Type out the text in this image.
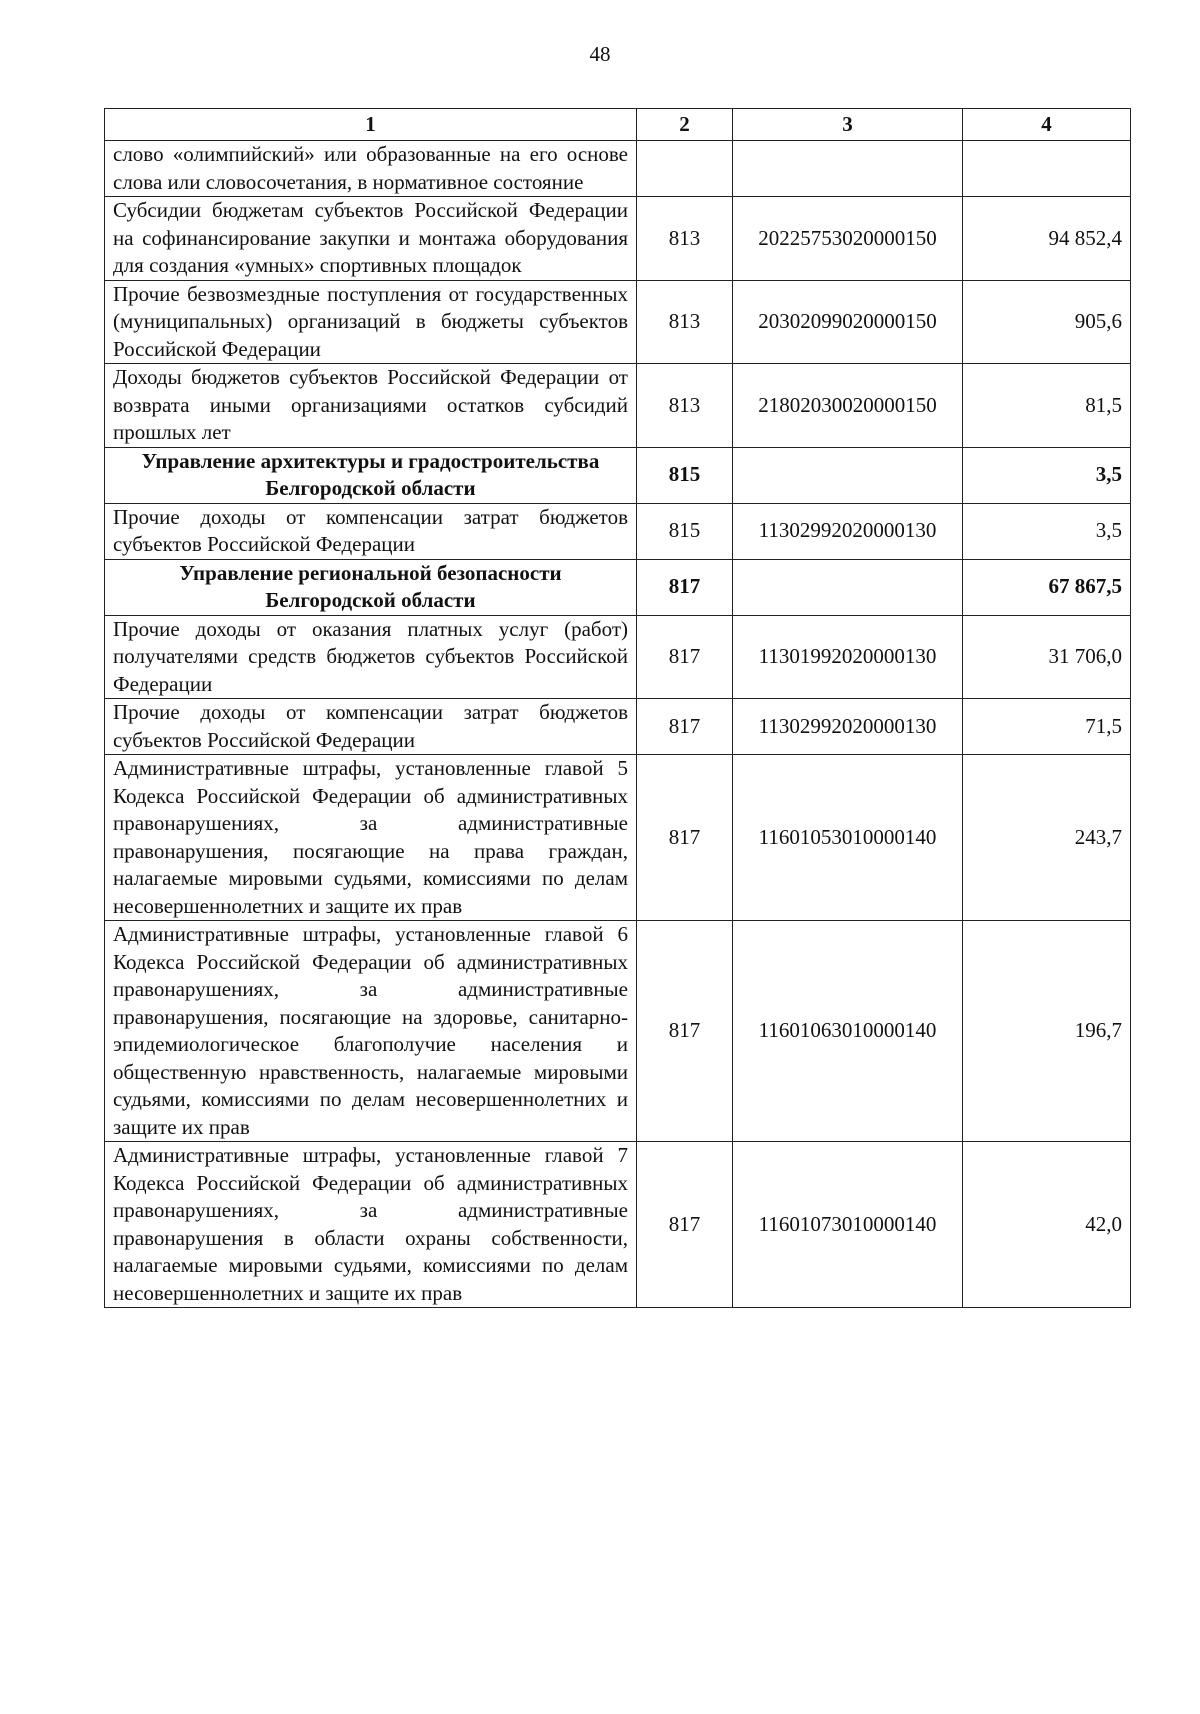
48
1	2	3	4
слово «олимпийский» или образованные на его основе слова или словосочетания, в нормативное состояние			
Субсидии бюджетам субъектов Российской Федерации на софинансирование закупки и монтажа оборудования для создания «умных» спортивных площадок	813	20225753020000150	94 852,4
Прочие безвозмездные поступления от государственных (муниципальных) организаций в бюджеты субъектов Российской Федерации	813	20302099020000150	905,6
Доходы бюджетов субъектов Российской Федерации от возврата иными организациями остатков субсидий прошлых лет	813	21802030020000150	81,5
Управление архитектуры и градостроительства Белгородской области	815		3,5
Прочие доходы от компенсации затрат бюджетов субъектов Российской Федерации	815	11302992020000130	3,5
Управление региональной безопасности Белгородской области	817		67 867,5
Прочие доходы от оказания платных услуг (работ) получателями средств бюджетов субъектов Российской Федерации	817	11301992020000130	31 706,0
Прочие доходы от компенсации затрат бюджетов субъектов Российской Федерации	817	11302992020000130	71,5
Административные штрафы, установленные главой 5 Кодекса Российской Федерации об административных правонарушениях, за административные правонарушения, посягающие на права граждан, налагаемые мировыми судьями, комиссиями по делам несовершеннолетних и защите их прав	817	11601053010000140	243,7
Административные штрафы, установленные главой 6 Кодекса Российской Федерации об административных правонарушениях, за административные правонарушения, посягающие на здоровье, санитарно-эпидемиологическое благополучие населения и общественную нравственность, налагаемые мировыми судьями, комиссиями по делам несовершеннолетних и защите их прав	817	11601063010000140	196,7
Административные штрафы, установленные главой 7 Кодекса Российской Федерации об административных правонарушениях, за административные правонарушения в области охраны собственности, налагаемые мировыми судьями, комиссиями по делам несовершеннолетних и защите их прав	817	11601073010000140	42,0
